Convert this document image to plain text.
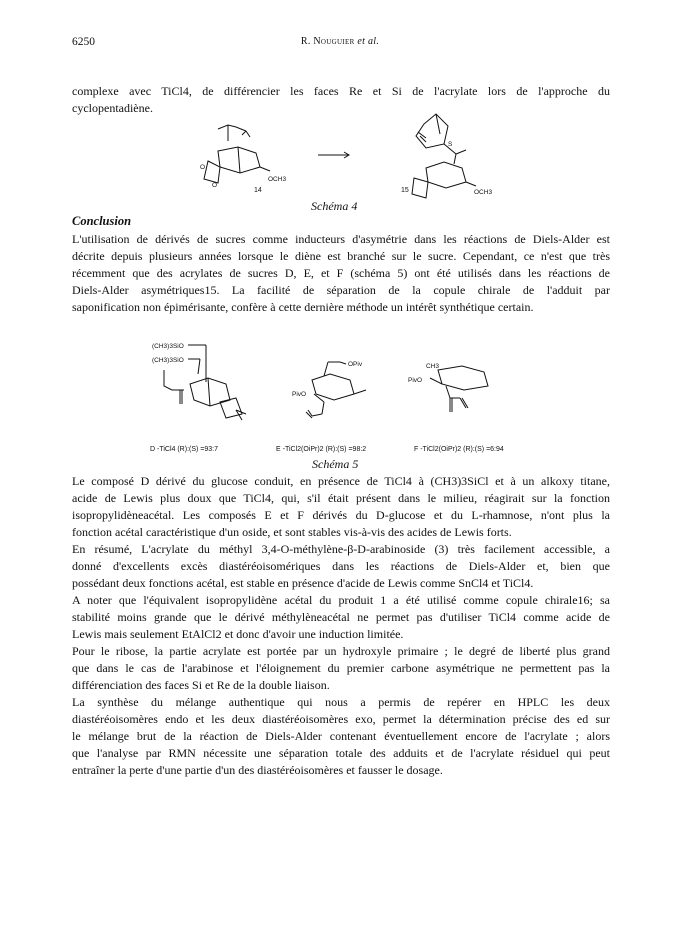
6250	R. Nouguier et al.

complexe avec TiCl4, de différencier les faces Re et Si de l'acrylate lors de l'approche du
cyclopentadiène.

O
O
OCH3
S
OCH3
14	15
Schéma 4
Conclusion

L'utilisation de dérivés de sucres comme inducteurs d'asymétrie dans les réactions de Diels-Alder est
décrite depuis plusieurs années lorsque le diène est branché sur le sucre. Cependant, ce n'est que très
récemment que des acrylates de sucres D, E, et F (schéma 5) ont été utilisés dans les réactions de
Diels-Alder asymétriques15. La facilité de séparation de la copule chirale de l'adduit par
saponification non épimérisante, confère à cette dernière méthode un intérêt synthétique certain.

(CH3)3SiO
(CH3)3SiO
OPiv
PivO
CH3
PivO
D -TiCl4 (R):(S) =93:7	E -TiCl2(OiPr)2 (R):(S) =98:2	F -TiCl2(OiPr)2 (R):(S) =6:94
Schéma 5

Le composé D dérivé du glucose conduit, en présence de TiCl4 à (CH3)3SiCl et à un alkoxy titane,
acide de Lewis plus doux que TiCl4, qui, s'il était présent dans le milieu, réagirait sur la fonction
isopropylidèneacétal. Les composés E et F dérivés du D-glucose et du L-rhamnose, n'ont plus la
fonction acétal caractéristique d'un oside, et sont stables vis-à-vis des acides de Lewis forts.
En résumé, L'acrylate du méthyl 3,4-O-méthylène-β-D-arabinoside (3) très facilement accessible, a
donné d'excellents excès diastéréoisomériques dans les réactions de Diels-Alder et, bien que
possédant deux fonctions acétal, est stable en présence d'acide de Lewis comme SnCl4 et TiCl4.
A noter que l'équivalent isopropylidène acétal du produit 1 a été utilisé comme copule chirale16; sa
stabilité moins grande que le dérivé méthylèneacétal ne permet pas d'utiliser TiCl4 comme acide de
Lewis mais seulement EtAlCl2 et donc d'avoir une induction limitée.
Pour le ribose, la partie acrylate est portée par un hydroxyle primaire ; le degré de liberté plus grand
que dans le cas de l'arabinose et l'éloignement du premier carbone asymétrique ne permettent pas la
différenciation des faces Si et Re de la double liaison.
La synthèse du mélange authentique qui nous a permis de repérer en HPLC les deux
diastéréoisomères endo et les deux diastéréoisomères exo, permet la détermination précise des ed sur
le mélange brut de la réaction de Diels-Alder contenant éventuellement encore de l'acrylate ; alors
que l'analyse par RMN nécessite une séparation totale des adduits et de l'acrylate résiduel qui peut
entraîner la perte d'une partie d'un des diastéréoisomères et fausser le dosage.
